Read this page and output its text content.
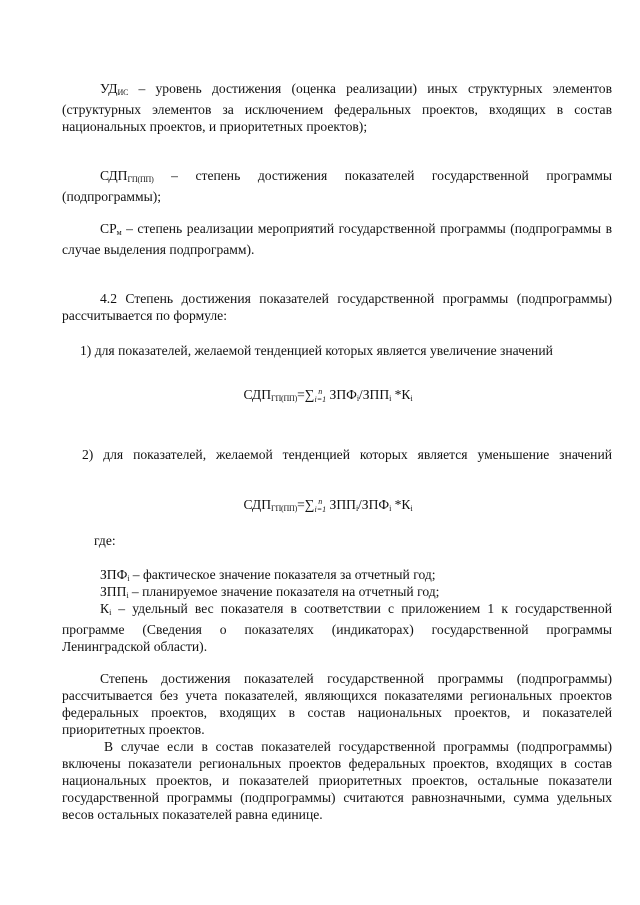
$УД_{ИС}$ – уровень достижения (оценка реализации) иных структурных элементов (структурных элементов за исключением федеральных проектов, входящих в состав национальных проектов, и приоритетных проектов);

$СДП_{ГП(ПП)}$ – степень достижения показателей государственной программы (подпрограммы);

$СР_м$ – степень реализации мероприятий государственной программы (подпрограммы в случае выделения подпрограмм).

4.2 Степень достижения показателей государственной программы (подпрограммы) рассчитывается по формуле:

1) для показателей, желаемой тенденцией которых является увеличение значений

$СДП_{ГП(ПП)}=\sum$ n
i=1 $ЗПФ_i/ЗПП_i$ $*К_i$

2) для показателей, желаемой тенденцией которых является уменьшение значений

$СДП_{ГП(ПП)}=\sum$ n
i=1 $ЗПП_i/ЗПФ_i$ $*К_i$
где:

$ЗПФ_i$ – фактическое значение показателя за отчетный год;

$ЗПП_i$ – планируемое значение показателя на отчетный год;

$К_i$ – удельный вес показателя в соответствии с приложением 1 к государственной программе (Сведения о показателях (индикаторах) государственной программы Ленинградской области).

Степень достижения показателей государственной программы (подпрограммы) рассчитывается без учета показателей, являющихся показателями региональных проектов федеральных проектов, входящих в состав национальных проектов, и показателей приоритетных проектов.

В случае если в состав показателей государственной программы (подпрограммы) включены показатели региональных проектов федеральных проектов, входящих в состав национальных проектов, и показателей приоритетных проектов, остальные показатели государственной программы (подпрограммы) считаются равнозначными, сумма удельных весов остальных показателей равна единице.
